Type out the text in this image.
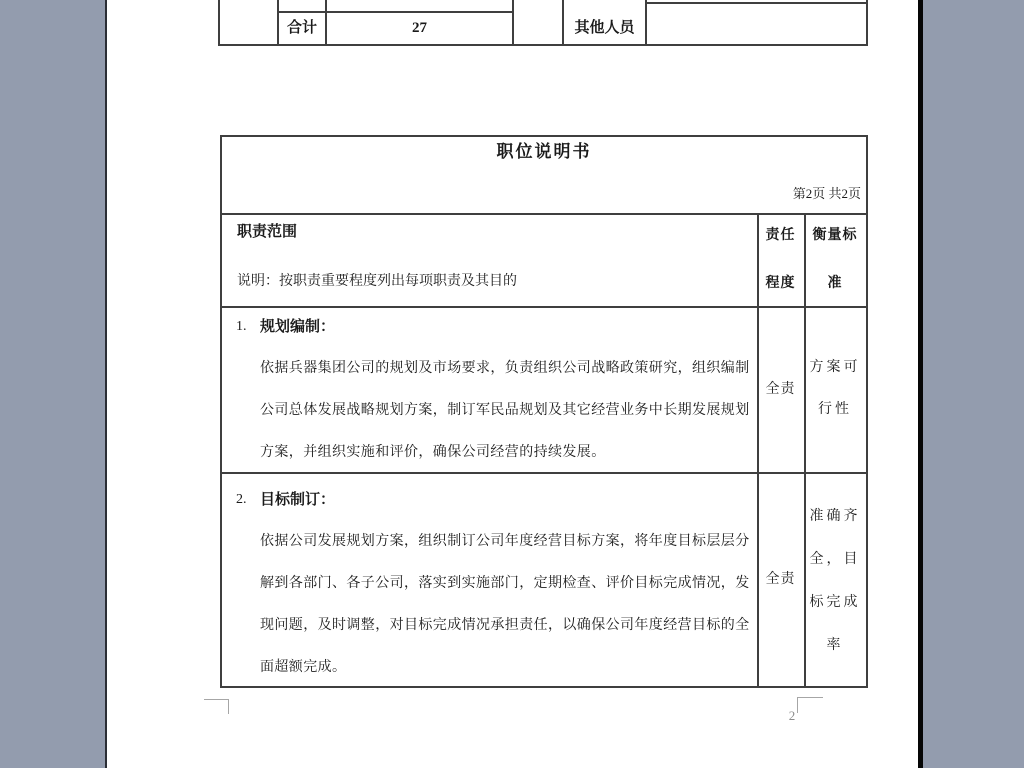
合计	27	其他人员
职位说明书
第2页 共2页
职责范围
说明：按职责重要程度列出每项职责及其目的
责任
程度
衡量标
准
1. 规划编制：
依据兵器集团公司的规划及市场要求，负责组织公司战略政策研究，组织编制
公司总体发展战略规划方案，制订军民品规划及其它经营业务中长期发展规划
方案，并组织实施和评价，确保公司经营的持续发展。
全责
方案可
行性
2. 目标制订：
依据公司发展规划方案，组织制订公司年度经营目标方案，将年度目标层层分
解到各部门、各子公司，落实到实施部门，定期检查、评价目标完成情况，发
现问题，及时调整，对目标完成情况承担责任，以确保公司年度经营目标的全
面超额完成。
全责
准确齐
全，目
标完成
率
2
